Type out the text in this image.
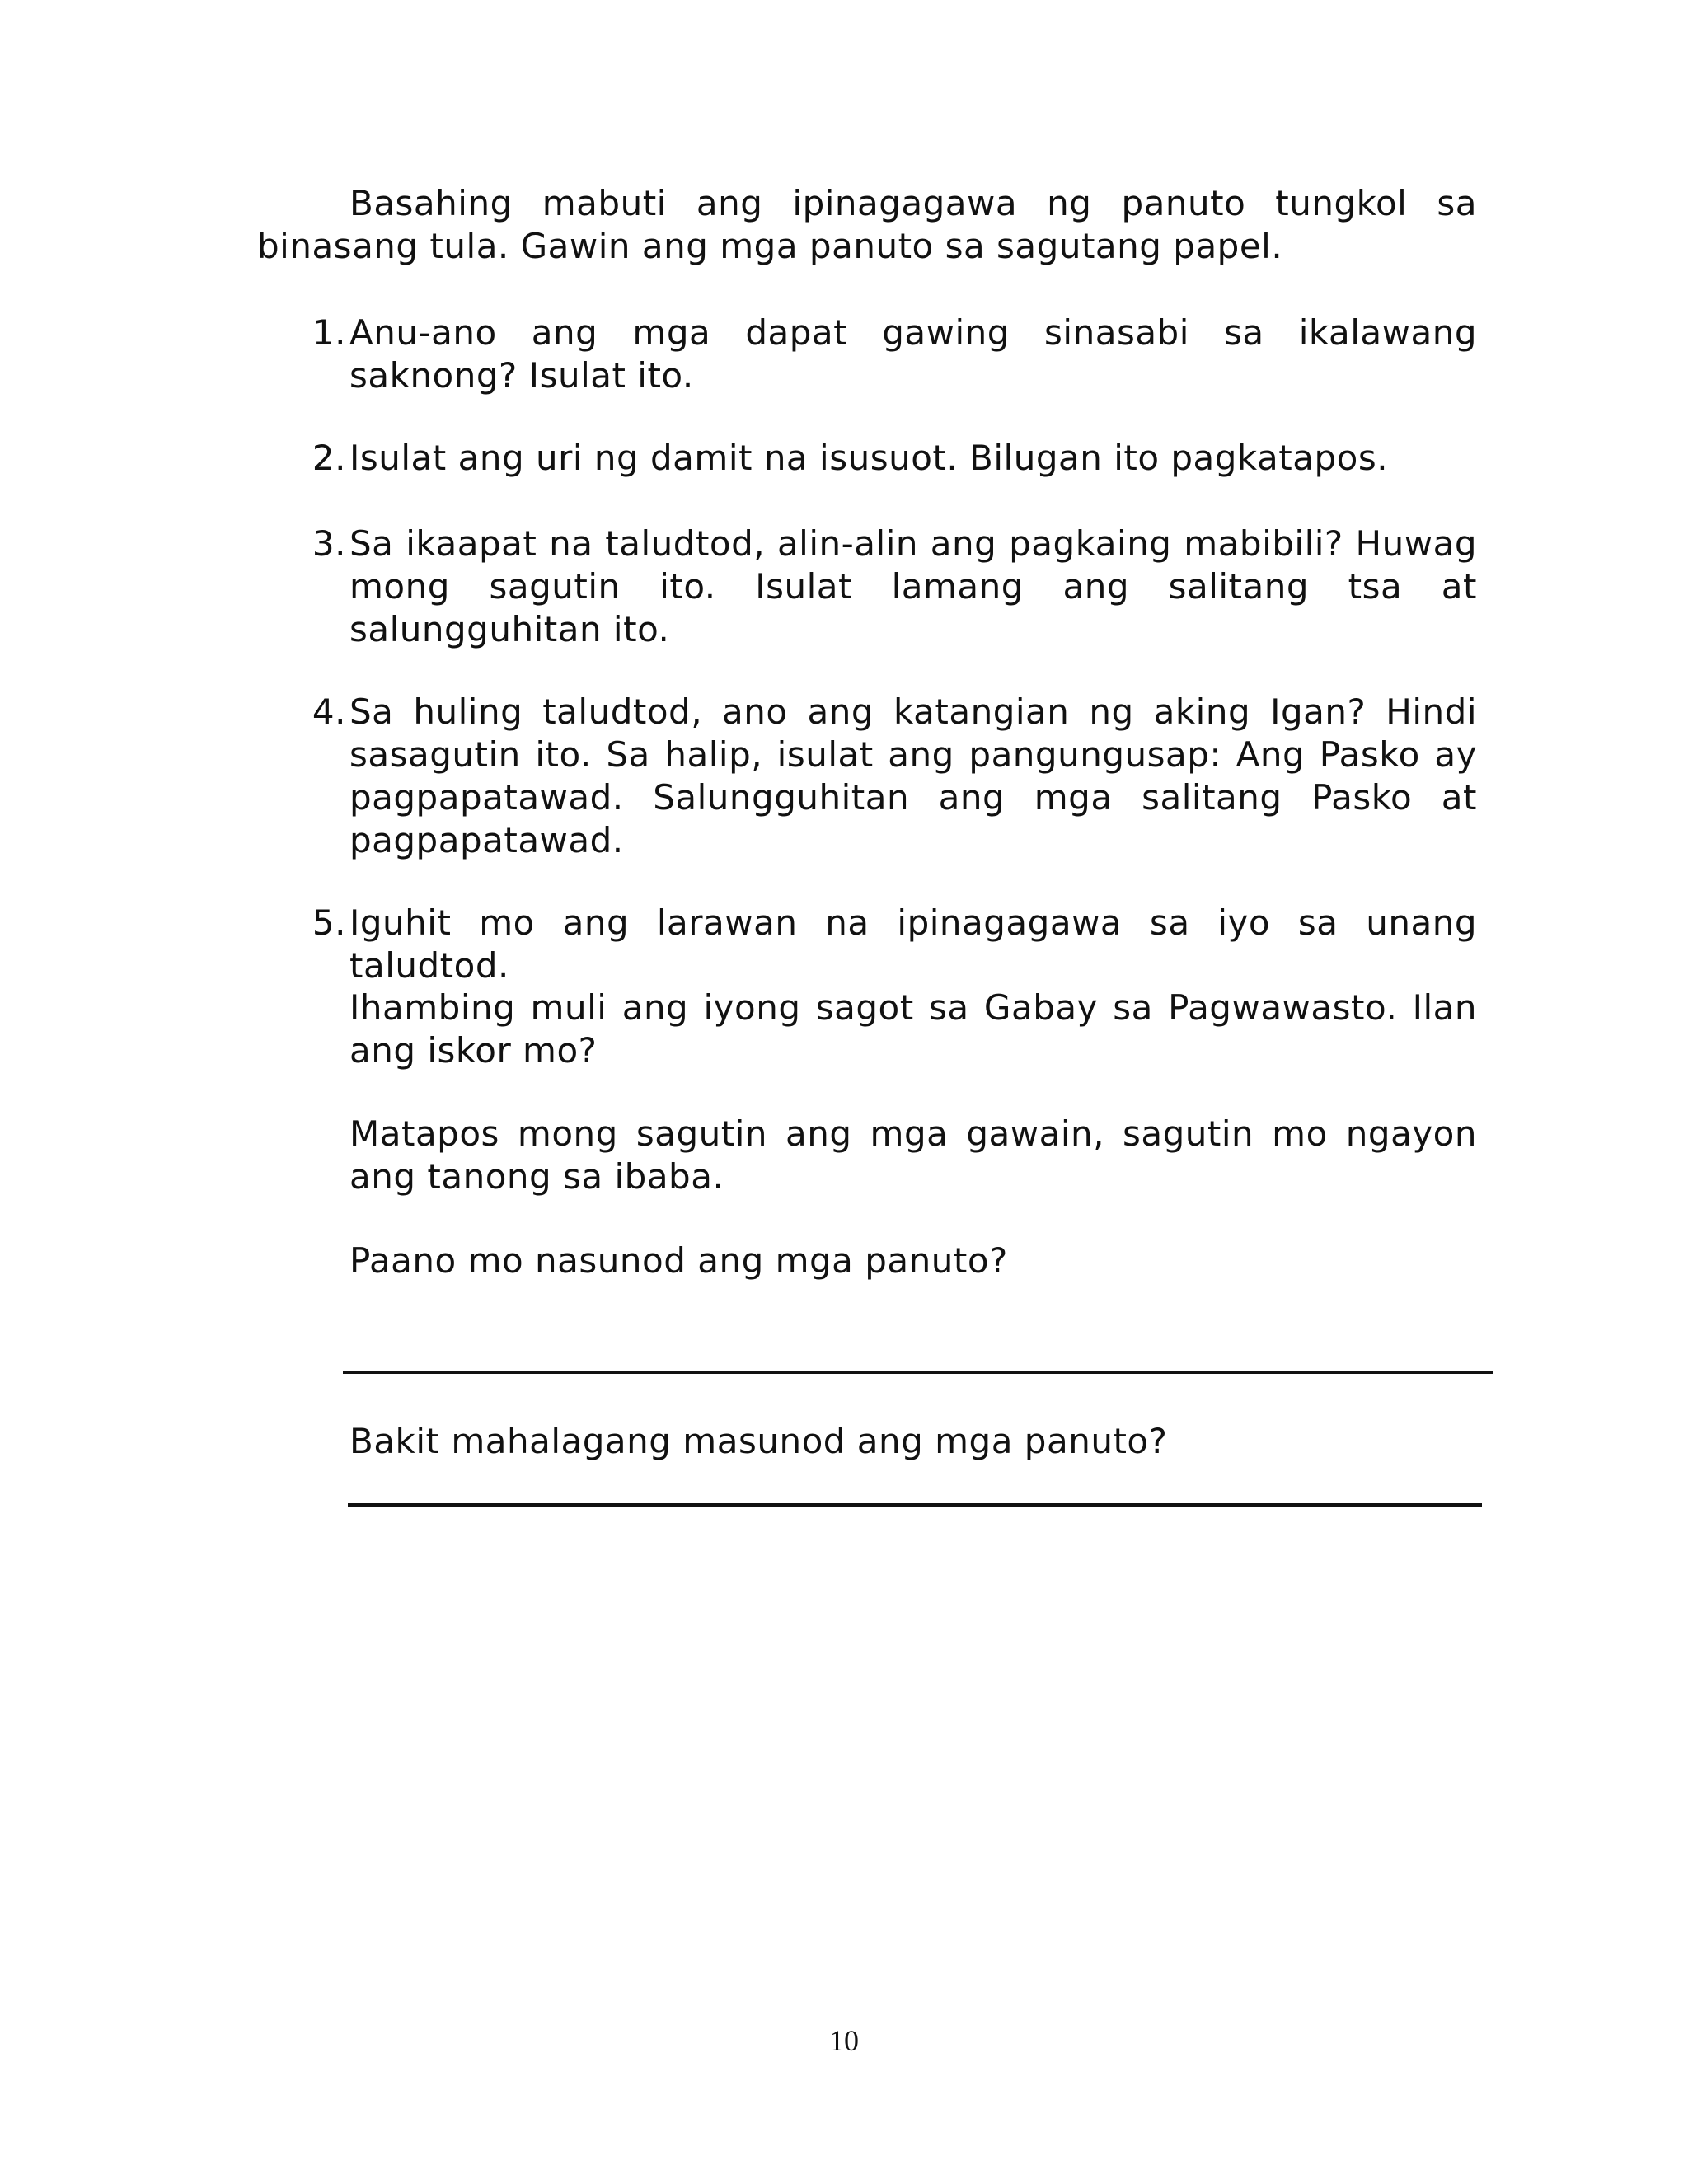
Basahing mabuti ang ipinagagawa ng panuto tungkol sa binasang tula. Gawin ang mga panuto sa sagutang papel.
1. Anu-ano ang mga dapat gawing sinasabi sa ikalawang saknong? Isulat ito.
2. Isulat ang uri ng damit na isusuot. Bilugan ito pagkatapos.
3. Sa ikaapat na taludtod, alin-alin ang pagkaing mabibili? Huwag mong sagutin ito. Isulat lamang ang salitang tsa at salungguhitan ito.
4. Sa huling taludtod, ano ang katangian ng aking Igan? Hindi sasagutin ito. Sa halip, isulat ang pangungusap: Ang Pasko ay pagpapatawad. Salungguhitan ang mga salitang Pasko at pagpapatawad.
5. Iguhit mo ang larawan na ipinagagawa sa iyo sa unang taludtod.
Ihambing muli ang iyong sagot sa Gabay sa Pagwawasto. Ilan ang iskor mo?
Matapos mong sagutin ang mga gawain, sagutin mo ngayon ang tanong sa ibaba.
Paano mo nasunod ang mga panuto?
Bakit mahalagang masunod ang mga panuto?
10
